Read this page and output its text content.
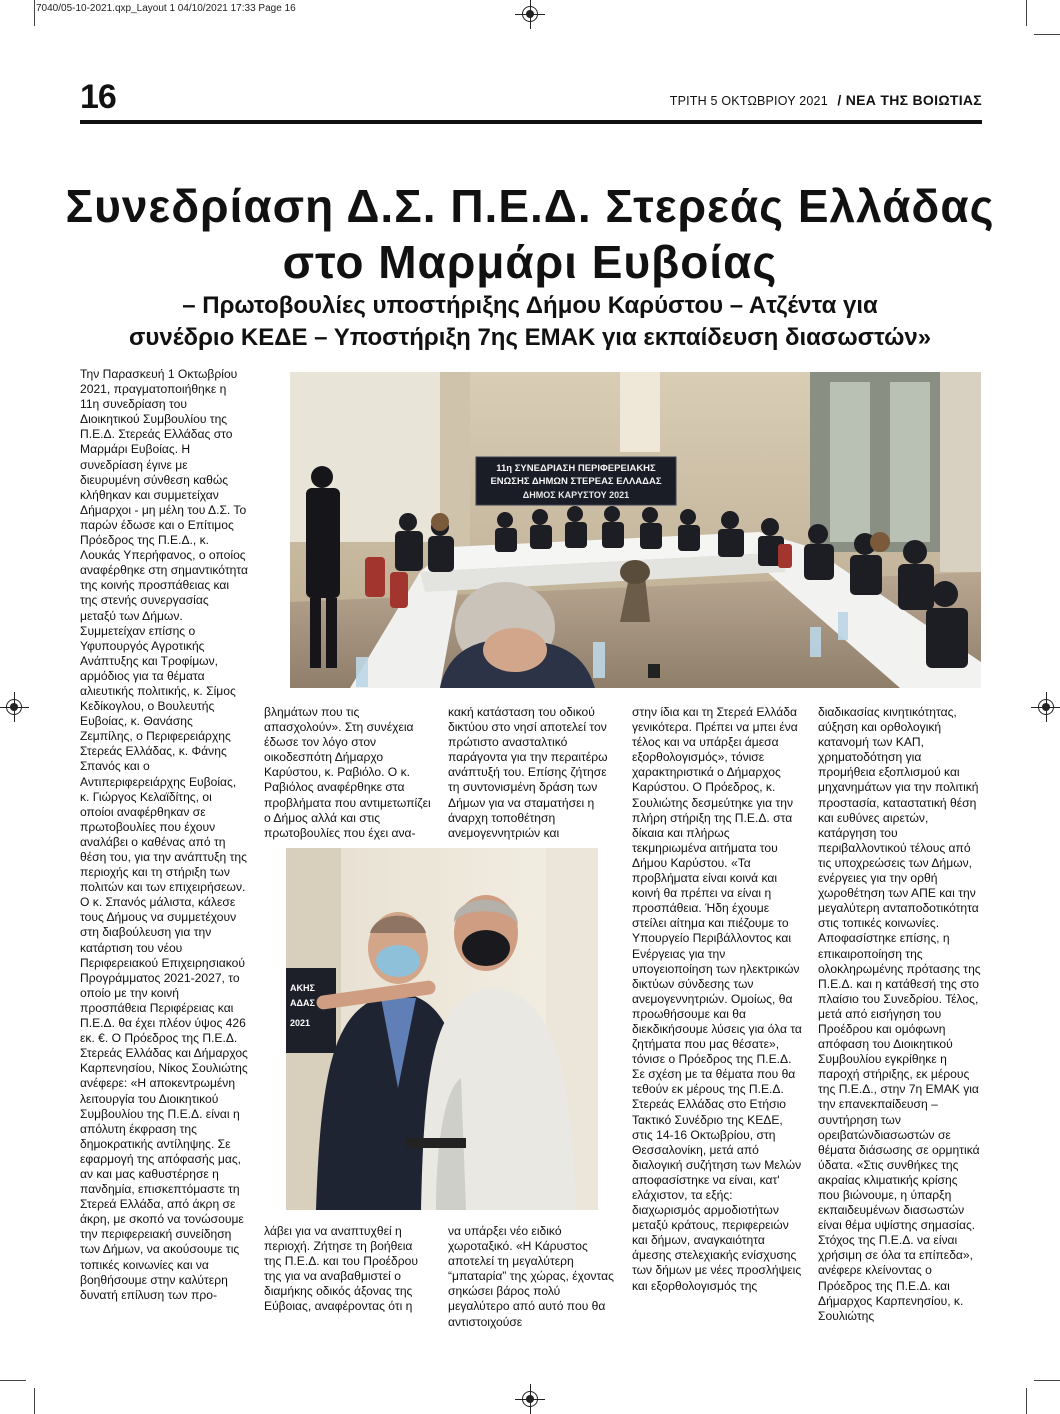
7040/05-10-2021.qxp_Layout 1 04/10/2021 17:33 Page 16
16	ΤΡΙΤΗ 5 ΟΚΤΩΒΡΙΟΥ 2021 / ΝΕΑ ΤΗΣ ΒΟΙΩΤΙΑΣ
Συνεδρίαση Δ.Σ. Π.Ε.Δ. Στερεάς Ελλάδας
στο Μαρμάρι Ευβοίας
– Πρωτοβουλίες υποστήριξης Δήμου Καρύστου – Ατζέντα για
συνέδριο ΚΕΔΕ – Υποστήριξη 7ης ΕΜΑΚ για εκπαίδευση διασωστών»

Την Παρασκευή 1 Οκτωβρίου 2021, πραγματοποιήθηκε η 11η συνεδρίαση του Διοικητικού Συμβουλίου της Π.Ε.Δ. Στερεάς Ελλάδας στο Μαρμάρι Ευβοίας. Η συνεδρίαση έγινε με διευρυμένη σύνθεση καθώς κλήθηκαν και συμμετείχαν Δήμαρχοι - μη μέλη του Δ.Σ. Το παρών έδωσε και ο Επίτιμος Πρόεδρος της Π.Ε.Δ., κ. Λουκάς Υπερήφανος, ο οποίος αναφέρθηκε στη σημαντικότητα της κοινής προσπάθειας και της στενής συνεργασίας μεταξύ των Δήμων. Συμμετείχαν επίσης ο Υφυπουργός Αγροτικής Ανάπτυξης και Τροφίμων, αρμόδιος για τα θέματα αλιευτικής πολιτικής, κ. Σίμος Κεδίκογλου, ο Βουλευτής Ευβοίας, κ. Θανάσης Ζεμπίλης, ο Περιφερειάρχης Στερεάς Ελλάδας, κ. Φάνης Σπανός και ο Αντιπεριφερειάρχης Ευβοίας, κ. Γιώργος Κελαϊδίτης, οι οποίοι αναφέρθηκαν σε πρωτοβουλίες που έχουν αναλάβει ο καθένας από τη θέση του, για την ανάπτυξη της περιοχής και τη στήριξη των πολιτών και των επιχειρήσεων. Ο κ. Σπανός μάλιστα, κάλεσε τους Δήμους να συμμετέχουν στη διαβούλευση για την κατάρτιση του νέου Περιφερειακού Επιχειρησιακού Προγράμματος 2021-2027, το οποίο με την κοινή προσπάθεια Περιφέρειας και Π.Ε.Δ. θα έχει πλέον ύψος 426 εκ. €. Ο Πρόεδρος της Π.Ε.Δ. Στερεάς Ελλάδας και Δήμαρχος Καρπενησίου, Νίκος Σουλιώτης ανέφερε: «Η αποκεντρωμένη λειτουργία του Διοικητικού Συμβουλίου της Π.Ε.Δ. είναι η απόλυτη έκφραση της δημοκρατικής αντίληψης. Σε εφαρμογή της απόφασής μας, αν και μας καθυστέρησε η πανδημία, επισκεπτόμαστε τη Στερεά Ελλάδα, από άκρη σε άκρη, με σκοπό να τονώσουμε την περιφερειακή συνείδηση των Δήμων, να ακούσουμε τις τοπικές κοινωνίες και να βοηθήσουμε στην καλύτερη δυνατή επίλυση των προ-

βλημάτων που τις απασχολούν». Στη συνέχεια έδωσε τον λόγο στον οικοδεσπότη Δήμαρχο Καρύστου, κ. Ραβιόλο. Ο κ. Ραβιόλος αναφέρθηκε στα προβλήματα που αντιμετωπίζει ο Δήμος αλλά και στις πρωτοβουλίες που έχει ανα-

κακή κατάσταση του οδικού δικτύου στο νησί αποτελεί τον πρώτιστο ανασταλτικό παράγοντα για την περαιτέρω ανάπτυξή του. Επίσης ζήτησε τη συντονισμένη δράση των Δήμων για να σταματήσει η άναρχη τοποθέτηση ανεμογεννητριών και

λάβει για να αναπτυχθεί η περιοχή. Ζήτησε τη βοήθεια της Π.Ε.Δ. και του Προέδρου της για να αναβαθμιστεί ο διαμήκης οδικός άξονας της Εύβοιας, αναφέροντας ότι η

να υπάρξει νέο ειδικό χωροταξικό. «Η Κάρυστος αποτελεί τη μεγαλύτερη “μπαταρία” της χώρας, έχοντας σηκώσει βάρος πολύ μεγαλύτερο από αυτό που θα αντιστοιχούσε

στην ίδια και τη Στερεά Ελλάδα γενικότερα. Πρέπει να μπει ένα τέλος και να υπάρξει άμεσα εξορθολογισμός», τόνισε χαρακτηριστικά ο Δήμαρχος Καρύστου. Ο Πρόεδρος, κ. Σουλιώτης δεσμεύτηκε για την πλήρη στήριξη της Π.Ε.Δ. στα δίκαια και πλήρως τεκμηριωμένα αιτήματα του Δήμου Καρύστου. «Τα προβλήματα είναι κοινά και κοινή θα πρέπει να είναι η προσπάθεια. Ήδη έχουμε στείλει αίτημα και πιέζουμε το Υπουργείο Περιβάλλοντος και Ενέργειας για την υπογειοποίηση των ηλεκτρικών δικτύων σύνδεσης των ανεμογεννητριών. Ομοίως, θα προωθήσουμε και θα διεκδικήσουμε λύσεις για όλα τα ζητήματα που μας θέσατε», τόνισε ο Πρόεδρος της Π.Ε.Δ. Σε σχέση με τα θέματα που θα τεθούν εκ μέρους της Π.Ε.Δ. Στερεάς Ελλάδας στο Ετήσιο Τακτικό Συνέδριο της ΚΕΔΕ, στις 14-16 Οκτωβρίου, στη Θεσσαλονίκη, μετά από διαλογική συζήτηση των Μελών αποφασίστηκε να είναι, κατ' ελάχιστον, τα εξής: διαχωρισμός αρμοδιοτήτων μεταξύ κράτους, περιφερειών και δήμων, αναγκαιότητα άμεσης στελεχιακής ενίσχυσης των δήμων με νέες προσλήψεις και εξορθολογισμός της

διαδικασίας κινητικότητας, αύξηση και ορθολογική κατανομή των ΚΑΠ, χρηματοδότηση για προμήθεια εξοπλισμού και μηχανημάτων για την πολιτική προστασία, καταστατική θέση και ευθύνες αιρετών, κατάργηση του περιβαλλοντικού τέλους από τις υποχρεώσεις των Δήμων, ενέργειες για την ορθή χωροθέτηση των ΑΠΕ και την μεγαλύτερη ανταποδοτικότητα στις τοπικές κοινωνίες. Αποφασίστηκε επίσης, η επικαιροποίηση της ολοκληρωμένης πρότασης της Π.Ε.Δ. και η κατάθεσή της στο πλαίσιο του Συνεδρίου. Τέλος, μετά από εισήγηση του Προέδρου και ομόφωνη απόφαση του Διοικητικού Συμβουλίου εγκρίθηκε η παροχή στήριξης, εκ μέρους της Π.Ε.Δ., στην 7η ΕΜΑΚ για την επανεκπαίδευση – συντήρηση των ορειβατώνδιασωστών σε θέματα διάσωσης σε ορμητικά ύδατα. «Στις συνθήκες της ακραίας κλιματικής κρίσης που βιώνουμε, η ύπαρξη εκπαιδευμένων διασωστών είναι θέμα υψίστης σημασίας. Στόχος της Π.Ε.Δ. να είναι χρήσιμη σε όλα τα επίπεδα», ανέφερε κλείνοντας ο Πρόεδρος της Π.Ε.Δ. και Δήμαρχος Καρπενησίου, κ. Σουλιώτης

11η ΣΥΝΕΔΡΙΑΣΗ ΠΕΡΙΦΕΡΕΙΑΚΗΣ
ΕΝΩΣΗΣ ΔΗΜΩΝ ΣΤΕΡΕΑΣ ΕΛΛΑΔΑΣ
ΔΗΜΟΣ ΚΑΡΥΣΤΟΥ 2021
ΑΚΗΣ
ΑΔΑΣ
2021
